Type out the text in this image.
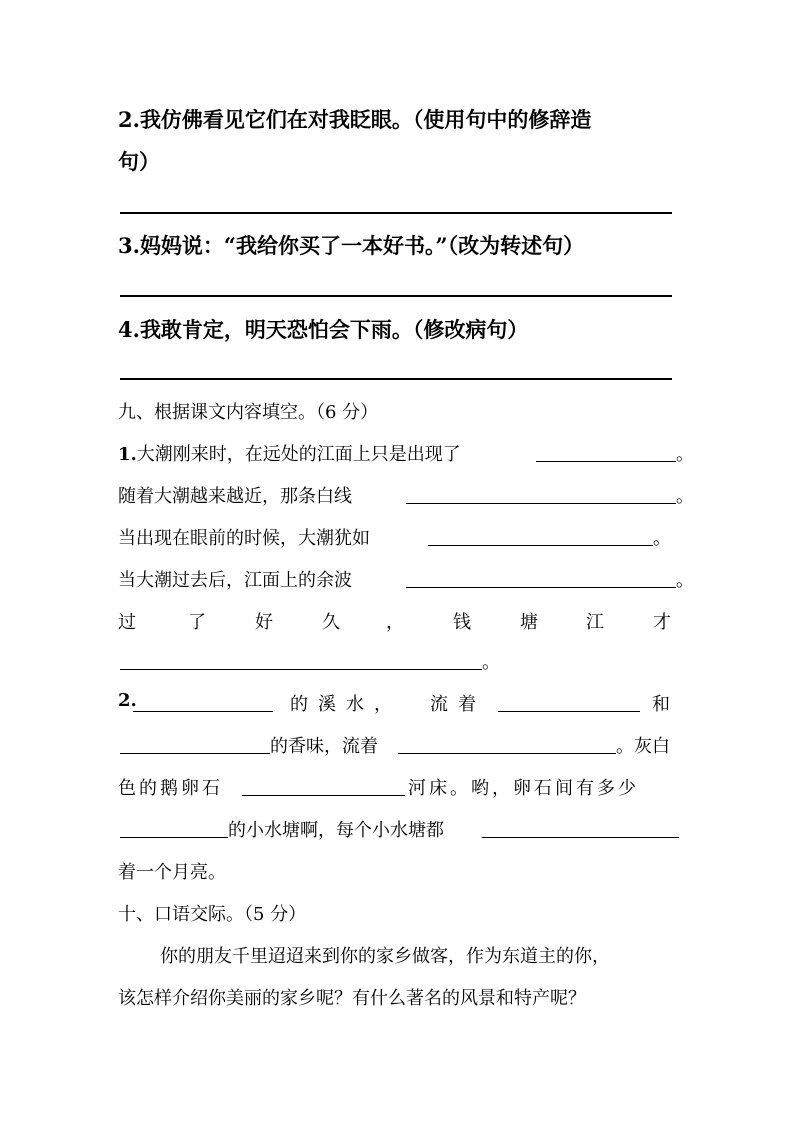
2.我仿佛看见它们在对我眨眼。（使用句中的修辞造
句）
3.妈妈说：“我给你买了一本好书。”（改为转述句）
4.我敢肯定，明天恐怕会下雨。（修改病句）
九、根据课文内容填空。（6 分）
1.大潮刚来时，在远处的江面上只是出现了	。
随着大潮越来越近，那条白线	。
当出现在眼前的时候，大潮犹如	。
当大潮过去后，江面上的余波	。
过	了	好	久	，	钱	塘	江	才
。
2.	的溪水， 流着	和
的香味，流着	。灰白
色的鹅卵石	河床。哟，卵石间有多少
的小水塘啊，每个小水塘都
着一个月亮。
十、口语交际。（5 分）
你的朋友千里迢迢来到你的家乡做客，作为东道主的你，
该怎样介绍你美丽的家乡呢？有什么著名的风景和特产呢？
